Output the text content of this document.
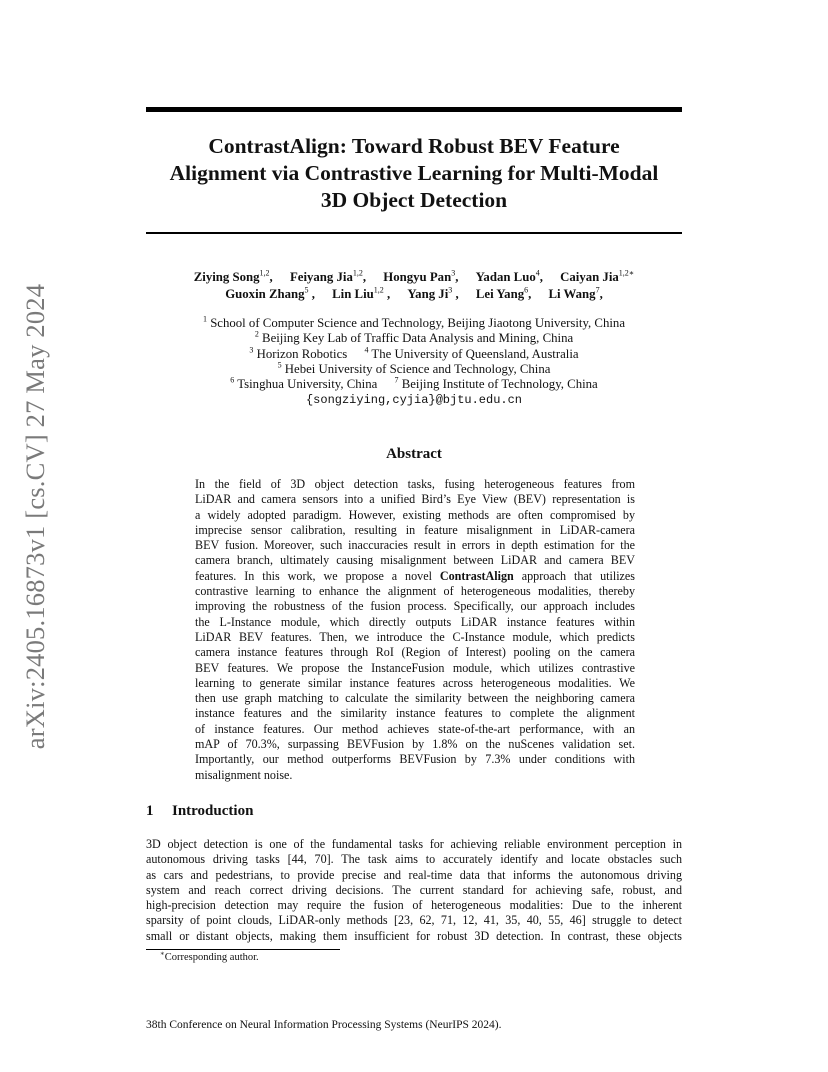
arXiv:2405.16873v1 [cs.CV] 27 May 2024
ContrastAlign: Toward Robust BEV Feature
Alignment via Contrastive Learning for Multi-Modal
3D Object Detection
Ziying Song$^{1,2}$, Feiyang Jia$^{1,2}$, Hongyu Pan$^3$, Yadan Luo$^4$, Caiyan Jia$^{1,2∗}$
Guoxin Zhang$^5$ , Lin Liu$^{1,2}$ , Yang Ji$^3$ , Lei Yang$^6$, Li Wang$^7$,
$^1$ School of Computer Science and Technology, Beijing Jiaotong University, China
$^2$ Beijing Key Lab of Traffic Data Analysis and Mining, China
$^3$ Horizon Robotics $^4$ The University of Queensland, Australia
$^5$ Hebei University of Science and Technology, China
$^6$ Tsinghua University, China $^7$ Beijing Institute of Technology, China
{songziying,cyjia}@bjtu.edu.cn
Abstract
In the field of 3D object detection tasks, fusing heterogeneous features from
LiDAR and camera sensors into a unified Bird’s Eye View (BEV) representation is
a widely adopted paradigm. However, existing methods are often compromised by
imprecise sensor calibration, resulting in feature misalignment in LiDAR-camera
BEV fusion. Moreover, such inaccuracies result in errors in depth estimation for the
camera branch, ultimately causing misalignment between LiDAR and camera BEV
features. In this work, we propose a novel ContrastAlign approach that utilizes
contrastive learning to enhance the alignment of heterogeneous modalities, thereby
improving the robustness of the fusion process. Specifically, our approach includes
the L-Instance module, which directly outputs LiDAR instance features within
LiDAR BEV features. Then, we introduce the C-Instance module, which predicts
camera instance features through RoI (Region of Interest) pooling on the camera
BEV features. We propose the InstanceFusion module, which utilizes contrastive
learning to generate similar instance features across heterogeneous modalities. We
then use graph matching to calculate the similarity between the neighboring camera
instance features and the similarity instance features to complete the alignment
of instance features. Our method achieves state-of-the-art performance, with an
mAP of 70.3%, surpassing BEVFusion by 1.8% on the nuScenes validation set.
Importantly, our method outperforms BEVFusion by 7.3% under conditions with
misalignment noise.
1 Introduction
3D object detection is one of the fundamental tasks for achieving reliable environment perception in
autonomous driving tasks [44, 70]. The task aims to accurately identify and locate obstacles such
as cars and pedestrians, to provide precise and real-time data that informs the autonomous driving
system and reach correct driving decisions. The current standard for achieving safe, robust, and
high-precision detection may require the fusion of heterogeneous modalities: Due to the inherent
sparsity of point clouds, LiDAR-only methods [23, 62, 71, 12, 41, 35, 40, 55, 46] struggle to detect
small or distant objects, making them insufficient for robust 3D detection. In contrast, these objects
∗Corresponding author.
38th Conference on Neural Information Processing Systems (NeurIPS 2024).
